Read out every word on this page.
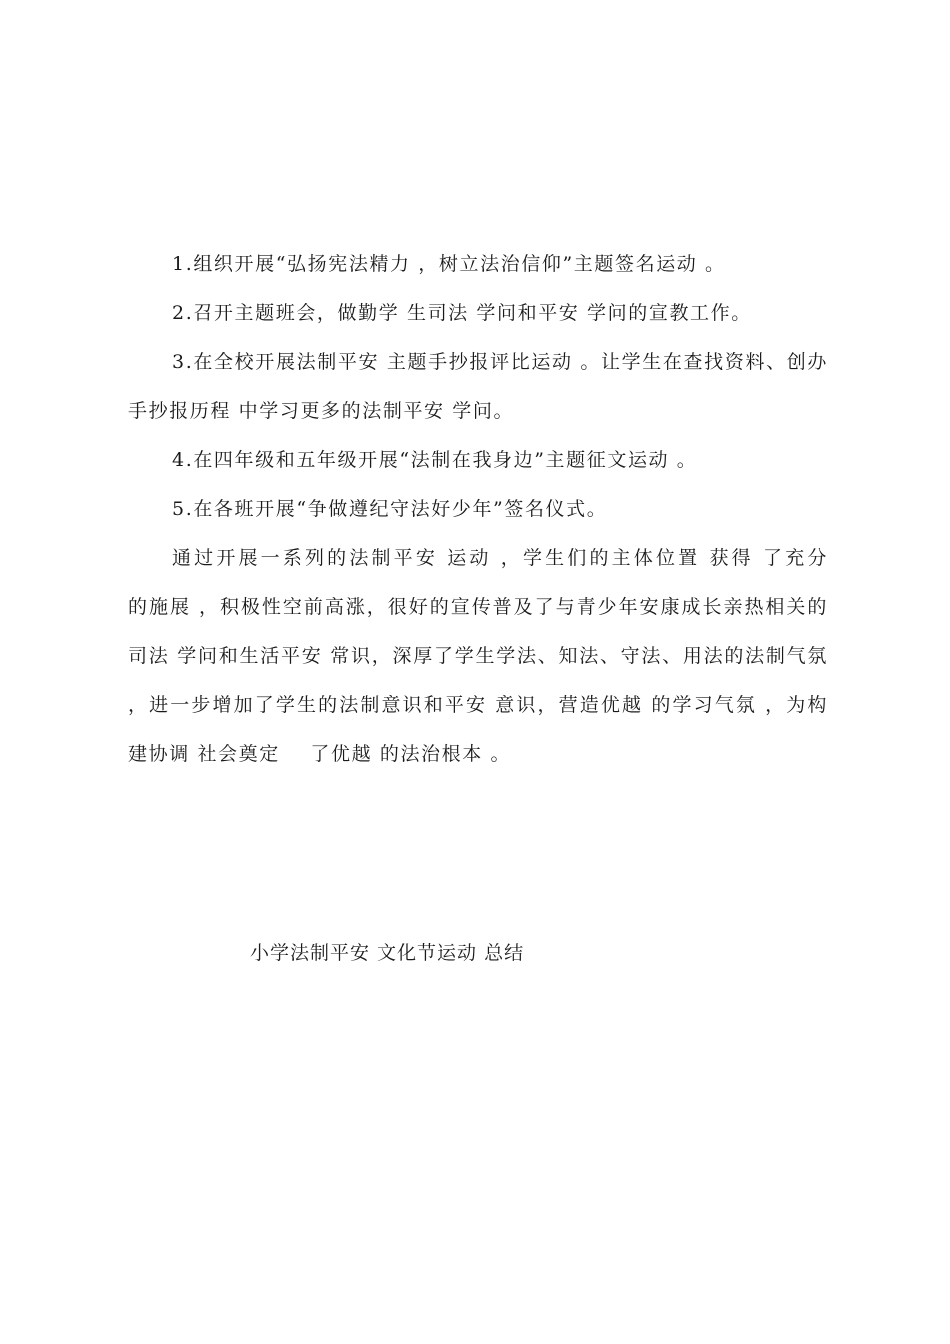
1.组织开展“弘扬宪法精力 ，树立法治信仰”主题签名运动 。

2.召开主题班会，做勤学 生司法 学问和平安 学问的宣教工作。

3.在全校开展法制平安 主题手抄报评比运动 。让学生在查找资料、创办    手抄报历程 中学习更多的法制平安 学问。

4.在四年级和五年级开展“法制在我身边”主题征文运动 。

5.在各班开展“争做遵纪守法好少年”签名仪式。

通过开展一系列的法制平安 运动 ，学生们的主体位置 获得 了充分    的施展 ，积极性空前高涨，很好的宣传普及了与青少年安康成长亲热相关的司法 学问和生活平安 常识，深厚了学生学法、知法、守法、用法的法制气氛 ，进一步增加了学生的法制意识和平安 意识，营造优越 的学习气氛 ，为构建协调 社会奠定    了优越 的法治根本 。

小学法制平安 文化节运动 总结
